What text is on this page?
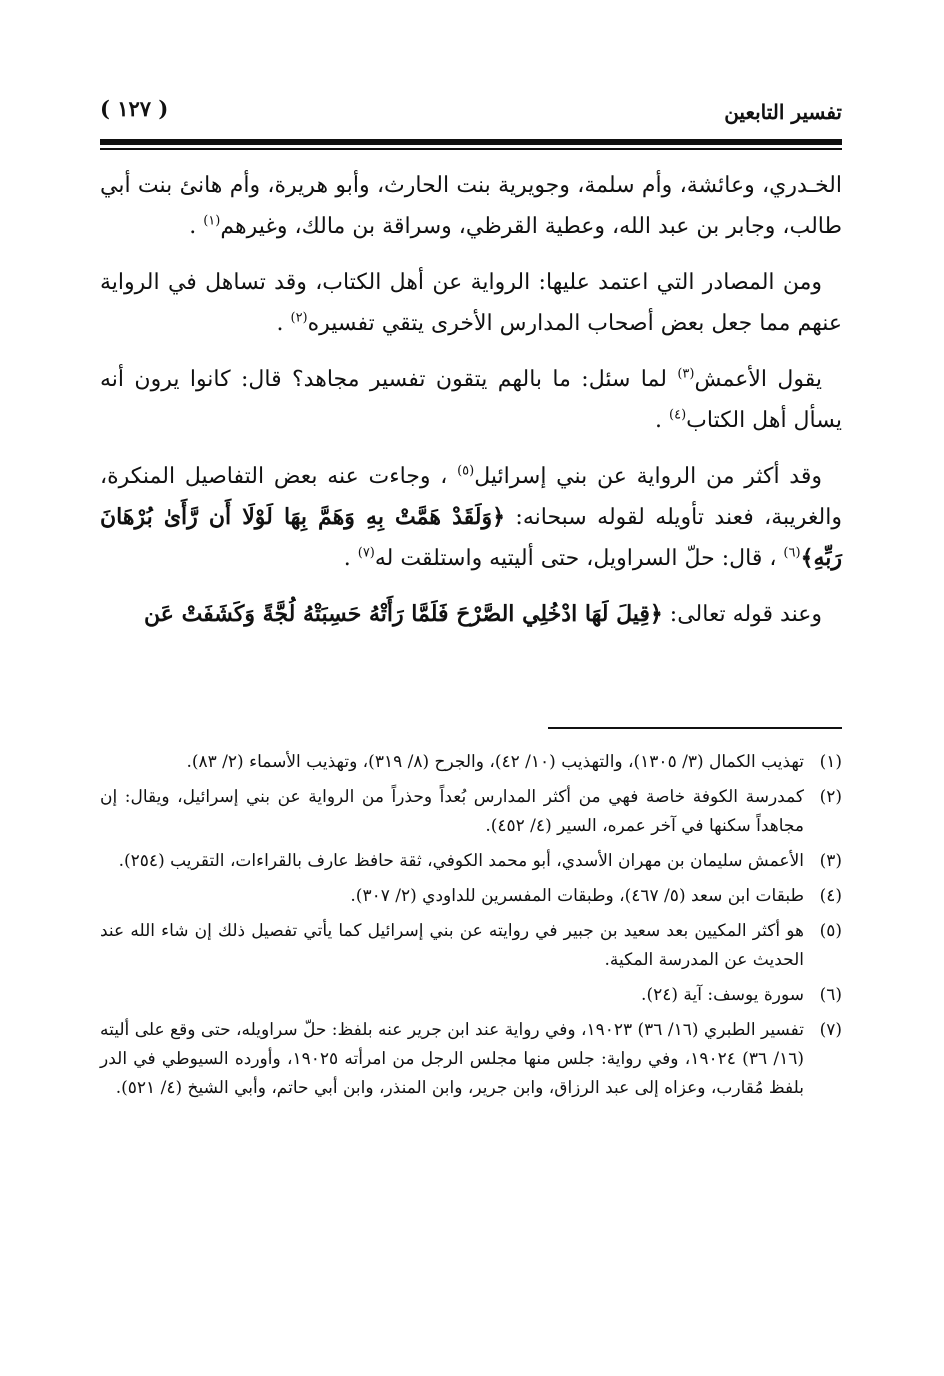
تفسير التابعين
( ١٢٧ )

الخـدري، وعائشة، وأم سلمة، وجويرية بنت الحارث، وأبو هريرة، وأم هانئ بنت أبي طالب، وجابر بن عبد الله، وعطية القرظي، وسراقة بن مالك، وغيرهم$^{(١)}$ .

ومن المصادر التي اعتمد عليها: الرواية عن أهل الكتاب، وقد تساهل في الرواية عنهم مما جعل بعض أصحاب المدارس الأخرى يتقي تفسيره$^{(٢)}$ .

يقول الأعمش$^{(٣)}$ لما سئل: ما بالهم يتقون تفسير مجاهد؟ قال: كانوا يرون أنه يسأل أهل الكتاب$^{(٤)}$ .

وقد أكثر من الرواية عن بني إسرائيل$^{(٥)}$ ، وجاءت عنه بعض التفاصيل المنكرة، والغريبة، فعند تأويله لقوله سبحانه: ﴿وَلَقَدْ هَمَّتْ بِهِ وَهَمَّ بِهَا لَوْلَا أَن رَّأَىٰ بُرْهَانَ رَبِّهِ﴾$^{(٦)}$ ، قال: حلّ السراويل، حتى أليتيه واستلقت له$^{(٧)}$ .

وعند قوله تعالى: ﴿قِيلَ لَهَا ادْخُلِي الصَّرْحَ فَلَمَّا رَأَتْهُ حَسِبَتْهُ لُجَّةً وَكَشَفَتْ عَن

(١)
تهذيب الكمال (٣/ ١٣٠٥)، والتهذيب (١٠/ ٤٢)، والجرح (٨/ ٣١٩)، وتهذيب الأسماء (٢/ ٨٣).
(٢)
كمدرسة الكوفة خاصة فهي من أكثر المدارس بُعداً وحذراً من الرواية عن بني إسرائيل، ويقال: إن مجاهداً سكنها في آخر عمره، السير (٤/ ٤٥٢).
(٣)
الأعمش سليمان بن مهران الأسدي، أبو محمد الكوفي، ثقة حافظ عارف بالقراءات، التقريب (٢٥٤).
(٤)
طبقات ابن سعد (٥/ ٤٦٧)، وطبقات المفسرين للداودي (٢/ ٣٠٧).
(٥)
هو أكثر المكيين بعد سعيد بن جبير في روايته عن بني إسرائيل كما يأتي تفصيل ذلك إن شاء الله عند الحديث عن المدرسة المكية.
(٦)
سورة يوسف: آية (٢٤).
(٧)
تفسير الطبري (١٦/ ٣٦) ١٩٠٢٣، وفي رواية عند ابن جرير عنه بلفظ: حلّ سراويله، حتى وقع على أليته (١٦/ ٣٦) ١٩٠٢٤، وفي رواية: جلس منها مجلس الرجل من امرأته ١٩٠٢٥، وأورده السيوطي في الدر بلفظ مُقارب، وعزاه إلى عبد الرزاق، وابن جرير، وابن المنذر، وابن أبي حاتم، وأبي الشيخ (٤/ ٥٢١).
